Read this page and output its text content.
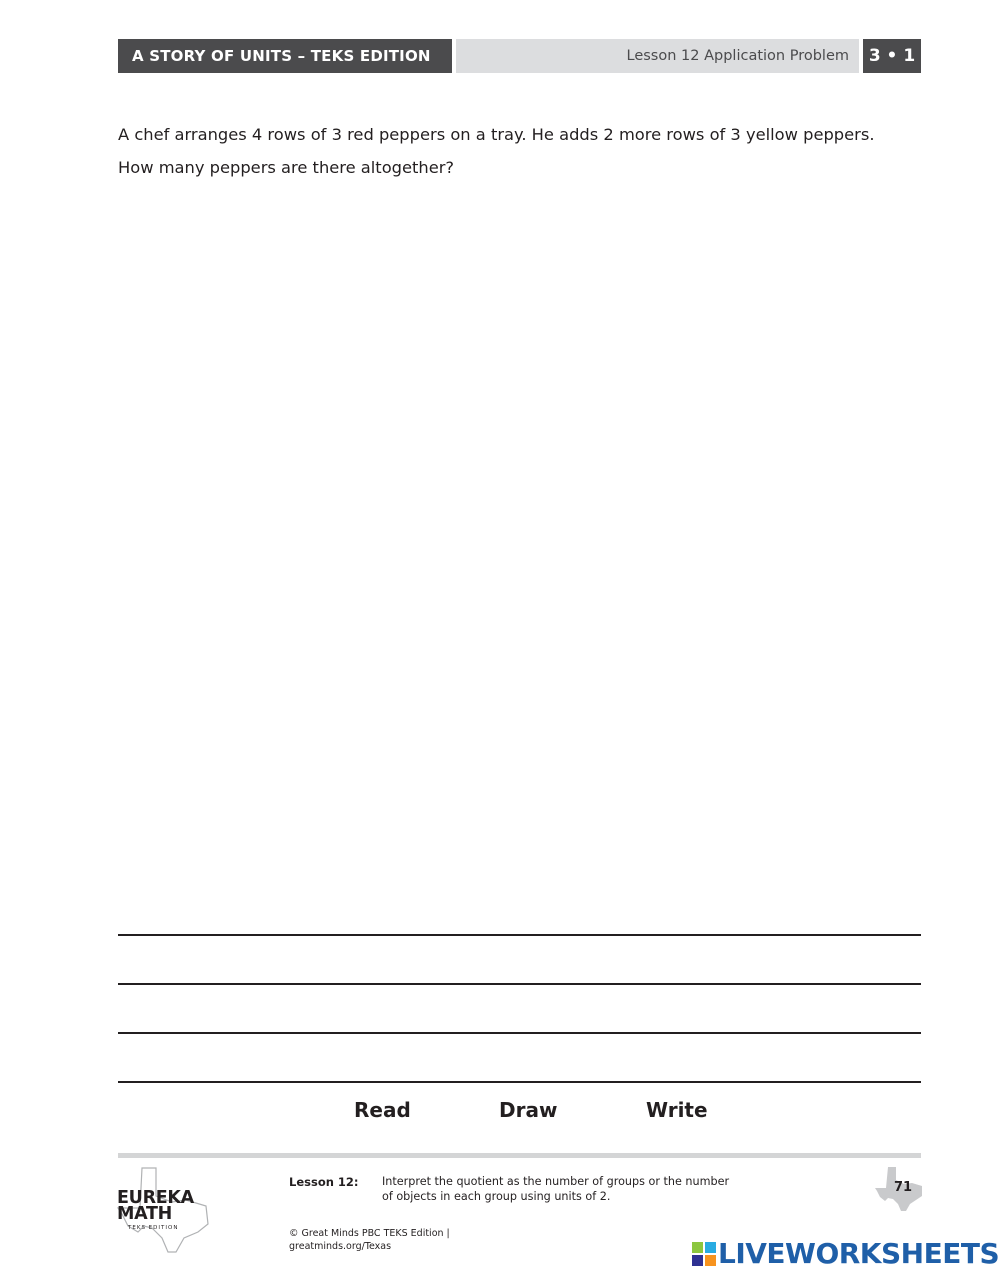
A STORY OF UNITS – TEKS EDITION	Lesson 12 Application Problem	3 • 1

A chef arranges 4 rows of 3 red peppers on a tray. He adds 2 more rows of 3 yellow peppers.

How many peppers are there altogether?

Read	Draw	Write
EUREKA
MATH
TEKS EDITION
Lesson 12: Interpret the quotient as the number of groups or the number of objects in each group using units of 2.
© Great Minds PBC TEKS Edition |
greatminds.org/Texas
71
LIVEWORKSHEETS
